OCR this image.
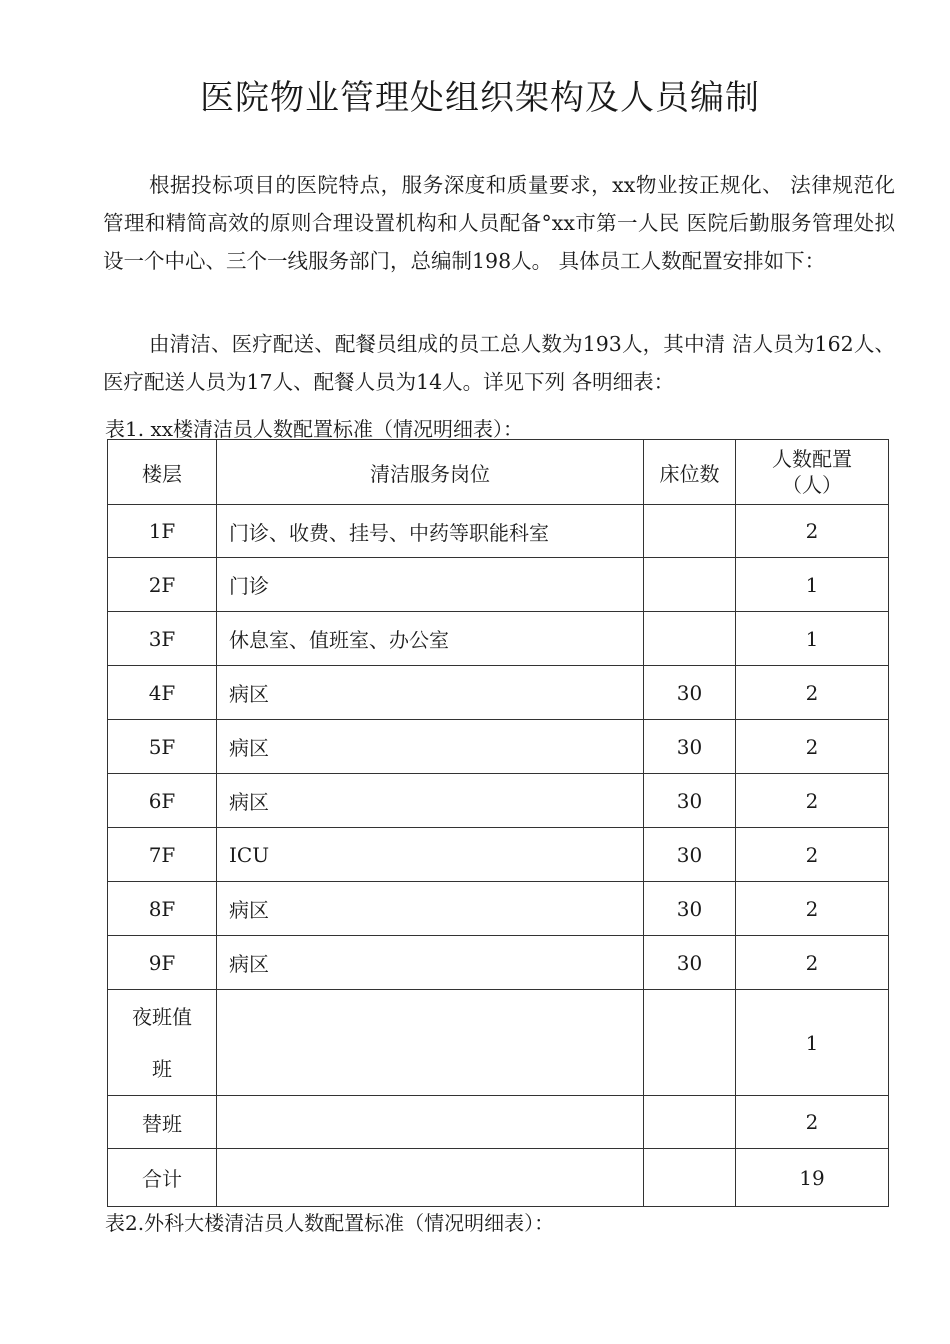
医院物业管理处组织架构及人员编制

根据投标项目的医院特点，服务深度和质量要求，xx物业按正规化、 法律规范化管理和精简高效的原则合理设置机构和人员配备°xx市第一人民 医院后勤服务管理处拟设一个中心、三个一线服务部门，总编制198人。 具体员工人数配置安排如下：

由清洁、医疗配送、配餐员组成的员工总人数为193人，其中清 洁人员为162人、医疗配送人员为17人、配餐人员为14人。详见下列 各明细表：

表1. xx楼清洁员人数配置标准（情况明细表）：
楼层	清洁服务岗位	床位数	人数配置
（人）

1F	门诊、收费、挂号、中药等职能科室		2
2F	门诊		1
3F	休息室、值班室、办公室		1
4F	病区	30	2
5F	病区	30	2
6F	病区	30	2
7F	ICU	30	2
8F	病区	30	2
9F	病区	30	2

夜班值
班			1
替班			2
合计			19
表2.外科大楼清洁员人数配置标准（情况明细表）：
